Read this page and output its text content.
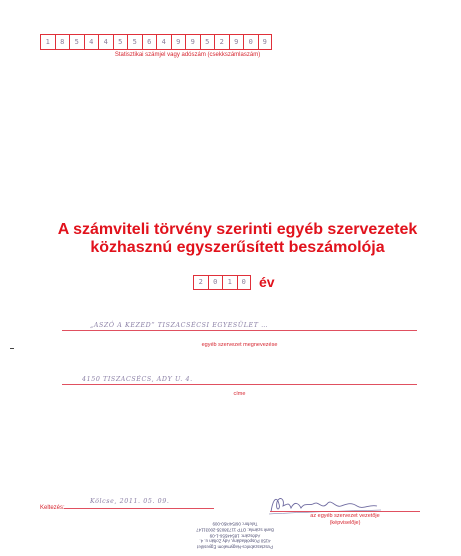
1	8	5	4	4	5	5	6	4	9	9	5	2	9	0	9
Statisztikai számjel vagy adószám (csekkszámlaszám)
A számviteli törvény szerinti egyéb szervezetek
közhasznú egyszerűsített beszámolója
2	0	1	0 év
„ASZÓ A KEZED” TISZACSÉCSI EGYESÜLET …
egyéb szervezet megnevezése
4150 TISZACSÉCS, ADY U. 4.
címe
Keltezés:
Kölcse, 2011. 05. 09.
az egyéb szervezet vezetője
(képviselője)
Pusztaszabolcs-Nagymalom Egyesület
4150 Püspökladány, Ady Zoltán u. 4.
Adószám: 18544556-1-09
Bank számla: OTP 11738035-20031147
Telefon: 06/54/450-009
